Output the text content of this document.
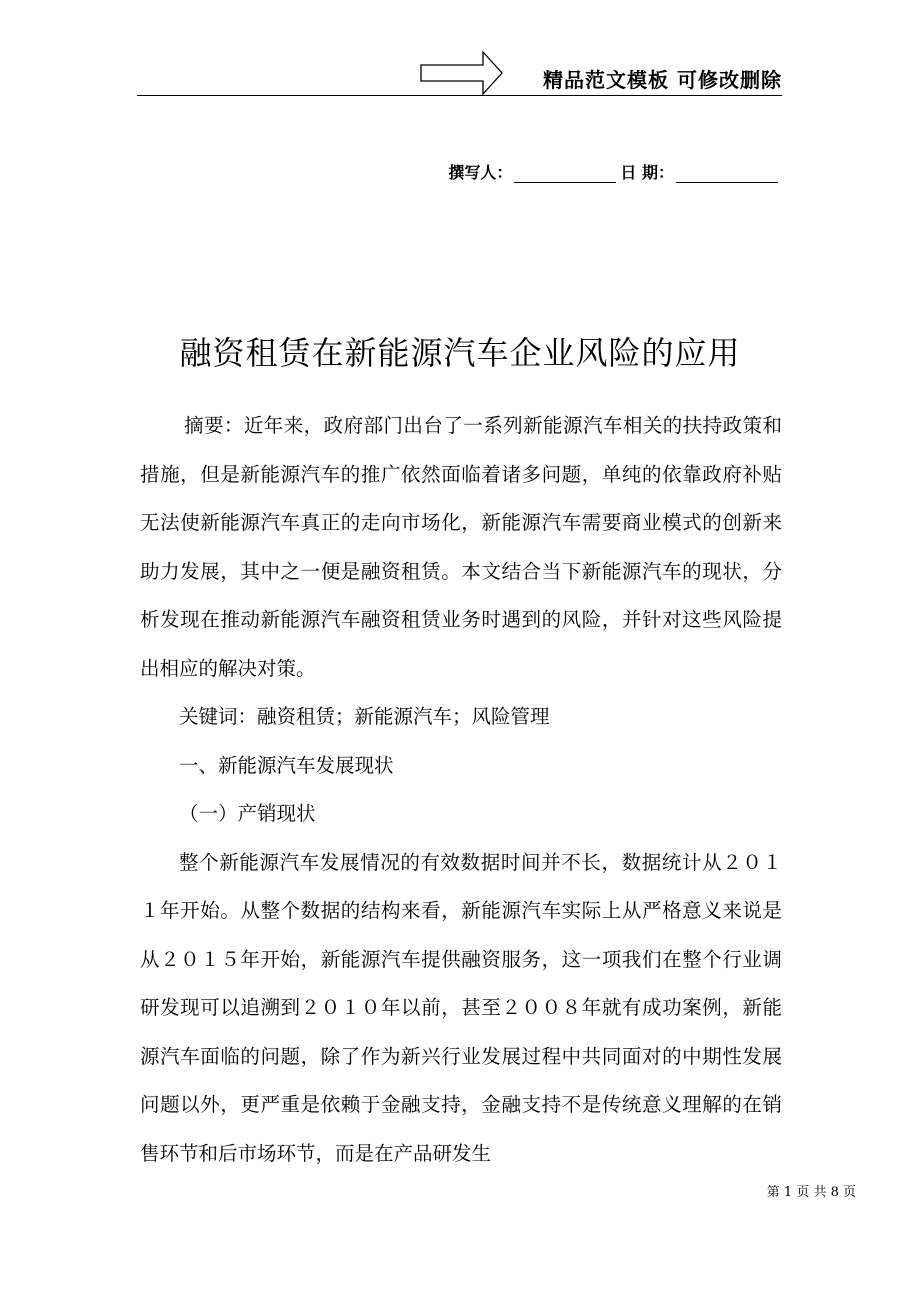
精品范文模板 可修改删除
撰写人：	日 期：
融资租赁在新能源汽车企业风险的应用

摘要：近年来，政府部门出台了一系列新能源汽车相关的扶持政策和措施，但是新能源汽车的推广依然面临着诸多问题，单纯的依靠政府补贴无法使新能源汽车真正的走向市场化，新能源汽车需要商业模式的创新来助力发展，其中之一便是融资租赁。本文结合当下新能源汽车的现状，分析发现在推动新能源汽车融资租赁业务时遇到的风险，并针对这些风险提出相应的解决对策。

关键词：融资租赁；新能源汽车；风险管理

一、新能源汽车发展现状

（一）产销现状

整个新能源汽车发展情况的有效数据时间并不长，数据统计从２０１１年开始。从整个数据的结构来看，新能源汽车实际上从严格意义来说是从２０１５年开始，新能源汽车提供融资服务，这一项我们在整个行业调研发现可以追溯到２０１０年以前，甚至２００８年就有成功案例，新能源汽车面临的问题，除了作为新兴行业发展过程中共同面对的中期性发展问题以外，更严重是依赖于金融支持，金融支持不是传统意义理解的在销售环节和后市场环节，而是在产品研发生

第 1 页 共 8 页
